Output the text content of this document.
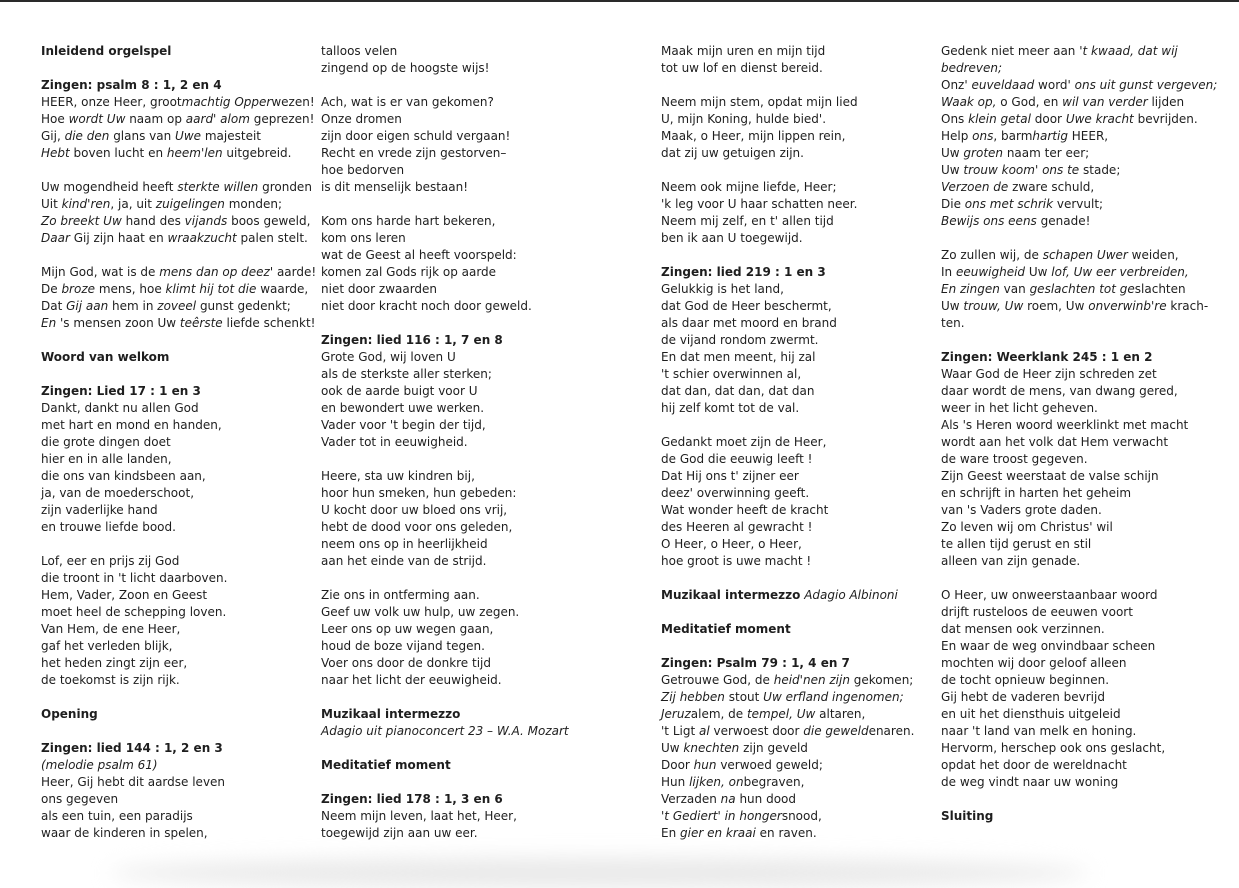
Inleidend orgelspel
Zingen: psalm 8 : 1, 2 en 4
HEER, onze Heer, grootmachtig Opperwezen!
Hoe wordt Uw naam op aard' alom geprezen!
Gij, die den glans van Uwe majesteit
Hebt boven lucht en heem'len uitgebreid.
Uw mogendheid heeft sterkte willen gronden
Uit kind'ren, ja, uit zuigelingen monden;
Zo breekt Uw hand des vijands boos geweld,
Daar Gij zijn haat en wraakzucht palen stelt.
Mijn God, wat is de mens dan op deez' aarde!
De broze mens, hoe klimt hij tot die waarde,
Dat Gij aan hem in zoveel gunst gedenkt;
En 's mensen zoon Uw teêrste liefde schenkt!
Woord van welkom
Zingen: Lied 17 : 1 en 3
Dankt, dankt nu allen God
met hart en mond en handen,
die grote dingen doet
hier en in alle landen,
die ons van kindsbeen aan,
ja, van de moederschoot,
zijn vaderlijke hand
en trouwe liefde bood.
Lof, eer en prijs zij God
die troont in 't licht daarboven.
Hem, Vader, Zoon en Geest
moet heel de schepping loven.
Van Hem, de ene Heer,
gaf het verleden blijk,
het heden zingt zijn eer,
de toekomst is zijn rijk.
Opening
Zingen: lied 144 : 1, 2 en 3
(melodie psalm 61)
Heer, Gij hebt dit aardse leven
ons gegeven
als een tuin, een paradijs
waar de kinderen in spelen,
talloos velen
zingend op de hoogste wijs!
Ach, wat is er van gekomen?
Onze dromen
zijn door eigen schuld vergaan!
Recht en vrede zijn gestorven–
hoe bedorven
is dit menselijk bestaan!
Kom ons harde hart bekeren,
kom ons leren
wat de Geest al heeft voorspeld:
komen zal Gods rijk op aarde
niet door zwaarden
niet door kracht noch door geweld.
Zingen: lied 116 : 1, 7 en 8
Grote God, wij loven U
als de sterkste aller sterken;
ook de aarde buigt voor U
en bewondert uwe werken.
Vader voor 't begin der tijd,
Vader tot in eeuwigheid.
Heere, sta uw kindren bij,
hoor hun smeken, hun gebeden:
U kocht door uw bloed ons vrij,
hebt de dood voor ons geleden,
neem ons op in heerlijkheid
aan het einde van de strijd.
Zie ons in ontferming aan.
Geef uw volk uw hulp, uw zegen.
Leer ons op uw wegen gaan,
houd de boze vijand tegen.
Voer ons door de donkre tijd
naar het licht der eeuwigheid.
Muzikaal intermezzo
Adagio uit pianoconcert 23 – W.A. Mozart
Meditatief moment
Zingen: lied 178 : 1, 3 en 6
Neem mijn leven, laat het, Heer,
toegewijd zijn aan uw eer.
Maak mijn uren en mijn tijd
tot uw lof en dienst bereid.
Neem mijn stem, opdat mijn lied
U, mijn Koning, hulde bied'.
Maak, o Heer, mijn lippen rein,
dat zij uw getuigen zijn.
Neem ook mijne liefde, Heer;
'k leg voor U haar schatten neer.
Neem mij zelf, en t' allen tijd
ben ik aan U toegewijd.
Zingen: lied 219 : 1 en 3
Gelukkig is het land,
dat God de Heer beschermt,
als daar met moord en brand
de vijand rondom zwermt.
En dat men meent, hij zal
't schier overwinnen al,
dat dan, dat dan, dat dan
hij zelf komt tot de val.
Gedankt moet zijn de Heer,
de God die eeuwig leeft !
Dat Hij ons t' zijner eer
deez' overwinning geeft.
Wat wonder heeft de kracht
des Heeren al gewracht !
O Heer, o Heer, o Heer,
hoe groot is uwe macht !
Muzikaal intermezzo Adagio Albinoni
Meditatief moment
Zingen: Psalm 79 : 1, 4 en 7
Getrouwe God, de heid'nen zijn gekomen;
Zij hebben stout Uw erfland ingenomen;
Jeruzalem, de tempel, Uw altaren,
't Ligt al verwoest door die geweldenaren.
Uw knechten zijn geveld
Door hun verwoed geweld;
Hun lijken, onbegraven,
Verzaden na hun dood
't Gediert' in hongersnood,
En gier en kraai en raven.
Gedenk niet meer aan 't kwaad, dat wij
bedreven;
Onz' euveldaad word' ons uit gunst vergeven;
Waak op, o God, en wil van verder lijden
Ons klein getal door Uwe kracht bevrijden.
Help ons, barmhartig HEER,
Uw groten naam ter eer;
Uw trouw koom' ons te stade;
Verzoen de zware schuld,
Die ons met schrik vervult;
Bewijs ons eens genade!
Zo zullen wij, de schapen Uwer weiden,
In eeuwigheid Uw lof, Uw eer verbreiden,
En zingen van geslachten tot geslachten
Uw trouw, Uw roem, Uw onverwinb're krach-
ten.
Zingen: Weerklank 245 : 1 en 2
Waar God de Heer zijn schreden zet
daar wordt de mens, van dwang gered,
weer in het licht geheven.
Als 's Heren woord weerklinkt met macht
wordt aan het volk dat Hem verwacht
de ware troost gegeven.
Zijn Geest weerstaat de valse schijn
en schrijft in harten het geheim
van 's Vaders grote daden.
Zo leven wij om Christus' wil
te allen tijd gerust en stil
alleen van zijn genade.
O Heer, uw onweerstaanbaar woord
drijft rusteloos de eeuwen voort
dat mensen ook verzinnen.
En waar de weg onvindbaar scheen
mochten wij door geloof alleen
de tocht opnieuw beginnen.
Gij hebt de vaderen bevrijd
en uit het diensthuis uitgeleid
naar 't land van melk en honing.
Hervorm, herschep ook ons geslacht,
opdat het door de wereldnacht
de weg vindt naar uw woning
Sluiting
